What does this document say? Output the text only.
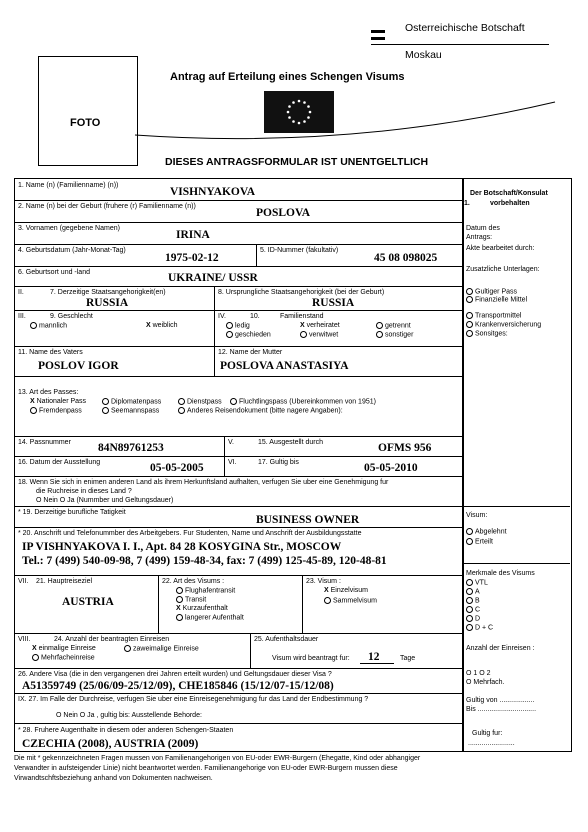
Osterreichische Botschaft
Moskau
FOTO
Antrag auf Erteilung eines Schengen Visums
DIESES ANTRAGSFORMULAR IST UNENTGELTLICH
1. Name (n) (Familienname) (n))
VISHNYAKOVA
2. Name (n) bei der Geburt (fruhere (r) Familienname (n))
POSLOVA
3. Vornamen (gegebene Namen)
IRINA
4. Geburtsdatum (Jahr-Monat-Tag)
1975-02-12
5. ID-Nummer (fakultativ)
45 08 098025
6. Geburtsort und -land	UKRAINE/ USSR
II.	7. Derzeitige Staatsangehorigkeit(en)
RUSSIA
8. Ursprungliche Staatsangehorigkeit (bei der Geburt)
RUSSIA
III.	9. Geschlecht
mannlich	X weiblich
IV.	10.	Familienstand
ledig	X verheiratet	getrennt
geschieden	verwitwet	sonstiger
11. Name des Vaters
POSLOV IGOR
12. Name der Mutter
POSLOVA ANASTASIYA
13. Art des Passes:
X Nationaler Pass	Diplomatenpass	Dienstpass	Fluchtlingspass (Ubereinkommen von 1951)
Fremdenpass	Seemannspass	Anderes Reisendokument (bitte nagere Angaben):
14. Passnummer 84N89761253	V.	15. Ausgestellt durch	OFMS 956
16. Datum der Ausstellung	05-05-2005	VI.	17. Gultig bis	05-05-2010
18. Wenn Sie sich in enimen anderen Land als ihrem Herkunftsland aufhalten, verfugen Sie uber eine Genehmigung fur
die Ruchreise in dieses Land ?
O Nein O Ja (Nummber und Geltungsdauer)
* 19. Derzeitige burufliche Tatigkeit
BUSINESS OWNER
* 20. Anschrift und Telefonummber des Arbeitgebers. Fur Studenten, Name und Anschrift der Ausbildungsstatte
IP VISHNYAKOVA I. I., Apt. 84 28 KOSYGINA Str., MOSCOW
Tel.: 7 (499) 540-09-98, 7 (499) 159-48-34, fax: 7 (499) 125-45-89, 120-48-81
VII. 21. Hauptreiseziel
AUSTRIA
22. Art des Visums :
Flughafentransit
Transit
X Kurzaufenthalt
langerer Aufenthalt
23. Visum :
X Einzelvisum
Sammelvisum
VIII.	24. Anzahl der beantragten Einreisen
X einmalige Einreise	zaweimalige Einreise
Mehrfacheinreise
25. Aufenthaltsdauer
Visum wird beantragt fur: 12	Tage
26. Andere Visa (die in den vergangenen drei Jahren erteilt wurden) und Geltungsdauer dieser Visa ?
A51359749 (25/06/09-25/12/09), CHE185846 (15/12/07-15/12/08)
IX. 27. Im Falle der Durchreise, verfugen Sie uber eine Einreisegenehmigung fur das Land der Endbestimmung ?
O Nein O Ja , gultig bis: Ausstellende Behorde:
* 28. Fruhere Augenthalte in diesem oder anderen Schengen-Staaten
CZECHIA (2008), AUSTRIA (2009)
Der Botschaft/Konsulat
1.	vorbehalten
Datum des
Antrags:
Akte bearbeitet durch:
Zusatzliche Unterlagen:
Gultiger Pass
Finanzielle Mittel
Transportmittel
Krankenversicherung
Sonsitges:
Visum:
Abgelehnt
Erteilt
Merkmale des Visums
VTL
A
B
C
D
D + C
Anzahl der Einreisen :
O 1 O 2
O Mehrfach.
Gultig von ..................
Bis ..............................
Gultig fur:
........................
Die mit * gekennzeichneten Fragen mussen von Familienangehorigen von EU-oder EWR-Burgern (Ehegatte, Kind oder abhangiger
Verwandter in aufsteigender Linie) nicht beantwortet werden. Familienangehorige von EU-oder EWR-Burgern mussen diese
Virwandtschftsbeziehung anhand von Dokumenten nachweisen.
